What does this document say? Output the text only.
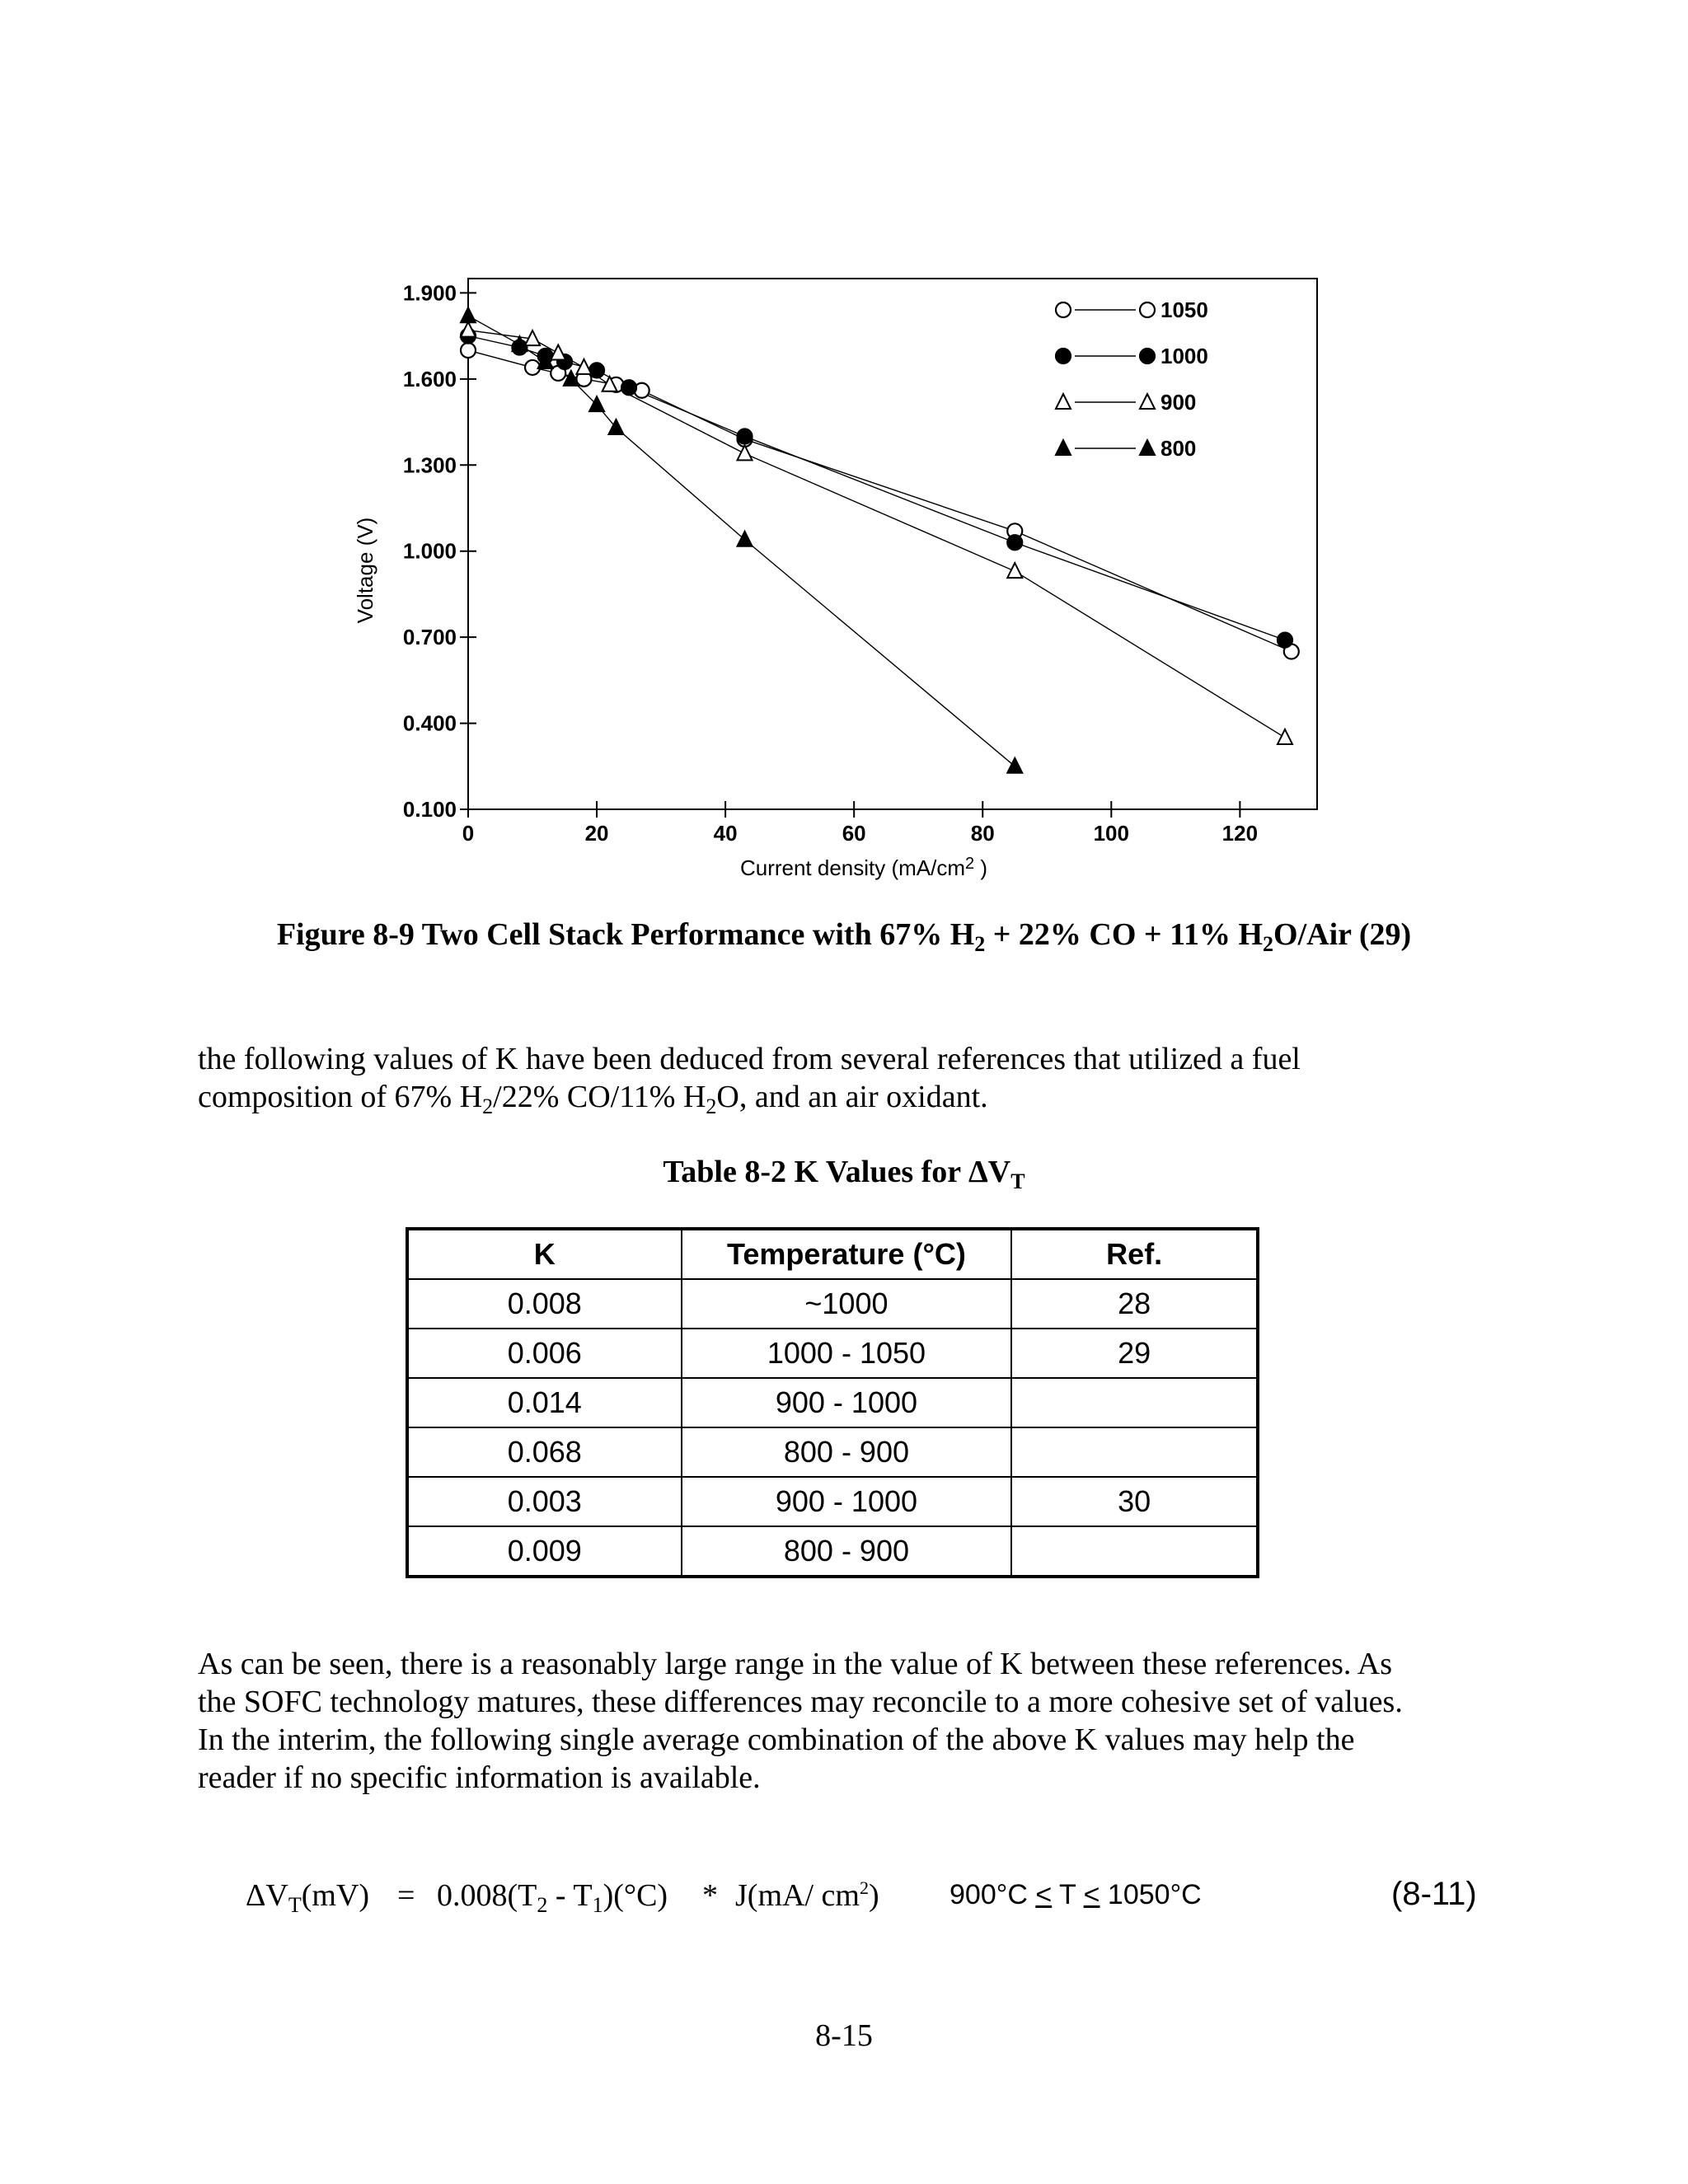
1.900
1.600
1.300
1.000
0.700
0.400
0.100
0	20	40	60	80	100	120
1050
1000
900
800
Current density ($mA/cm^2$ )
Voltage (V)
Figure 8-9 Two Cell Stack Performance with 67% $H_2 + 22\%$ CO + 11% $H_2O$/Air (29)
the following values of K have been deduced from several references that utilized a fuel
composition of 67% $H_2/22\%$ CO/11% $H_2O$, and an air oxidant.
Table 8-2 K Values for $\Delta V_T$
K	Temperature (°C)	Ref.
0.008	~1000	28
0.006	1000 - 1050	29
0.014	900 - 1000	
0.068	800 - 900	
0.003	900 - 1000	30
0.009	800 - 900	
As can be seen, there is a reasonably large range in the value of K between these references. As
the SOFC technology matures, these differences may reconcile to a more cohesive set of values.
In the interim, the following single average combination of the above K values may help the
reader if no specific information is available.
$\Delta V_T(mV) = 0.008(T_2 - T_1)(^\circ C) * J(mA/$ $cm^2$)	900°C < T < 1050°C	(8-11)
8-15
